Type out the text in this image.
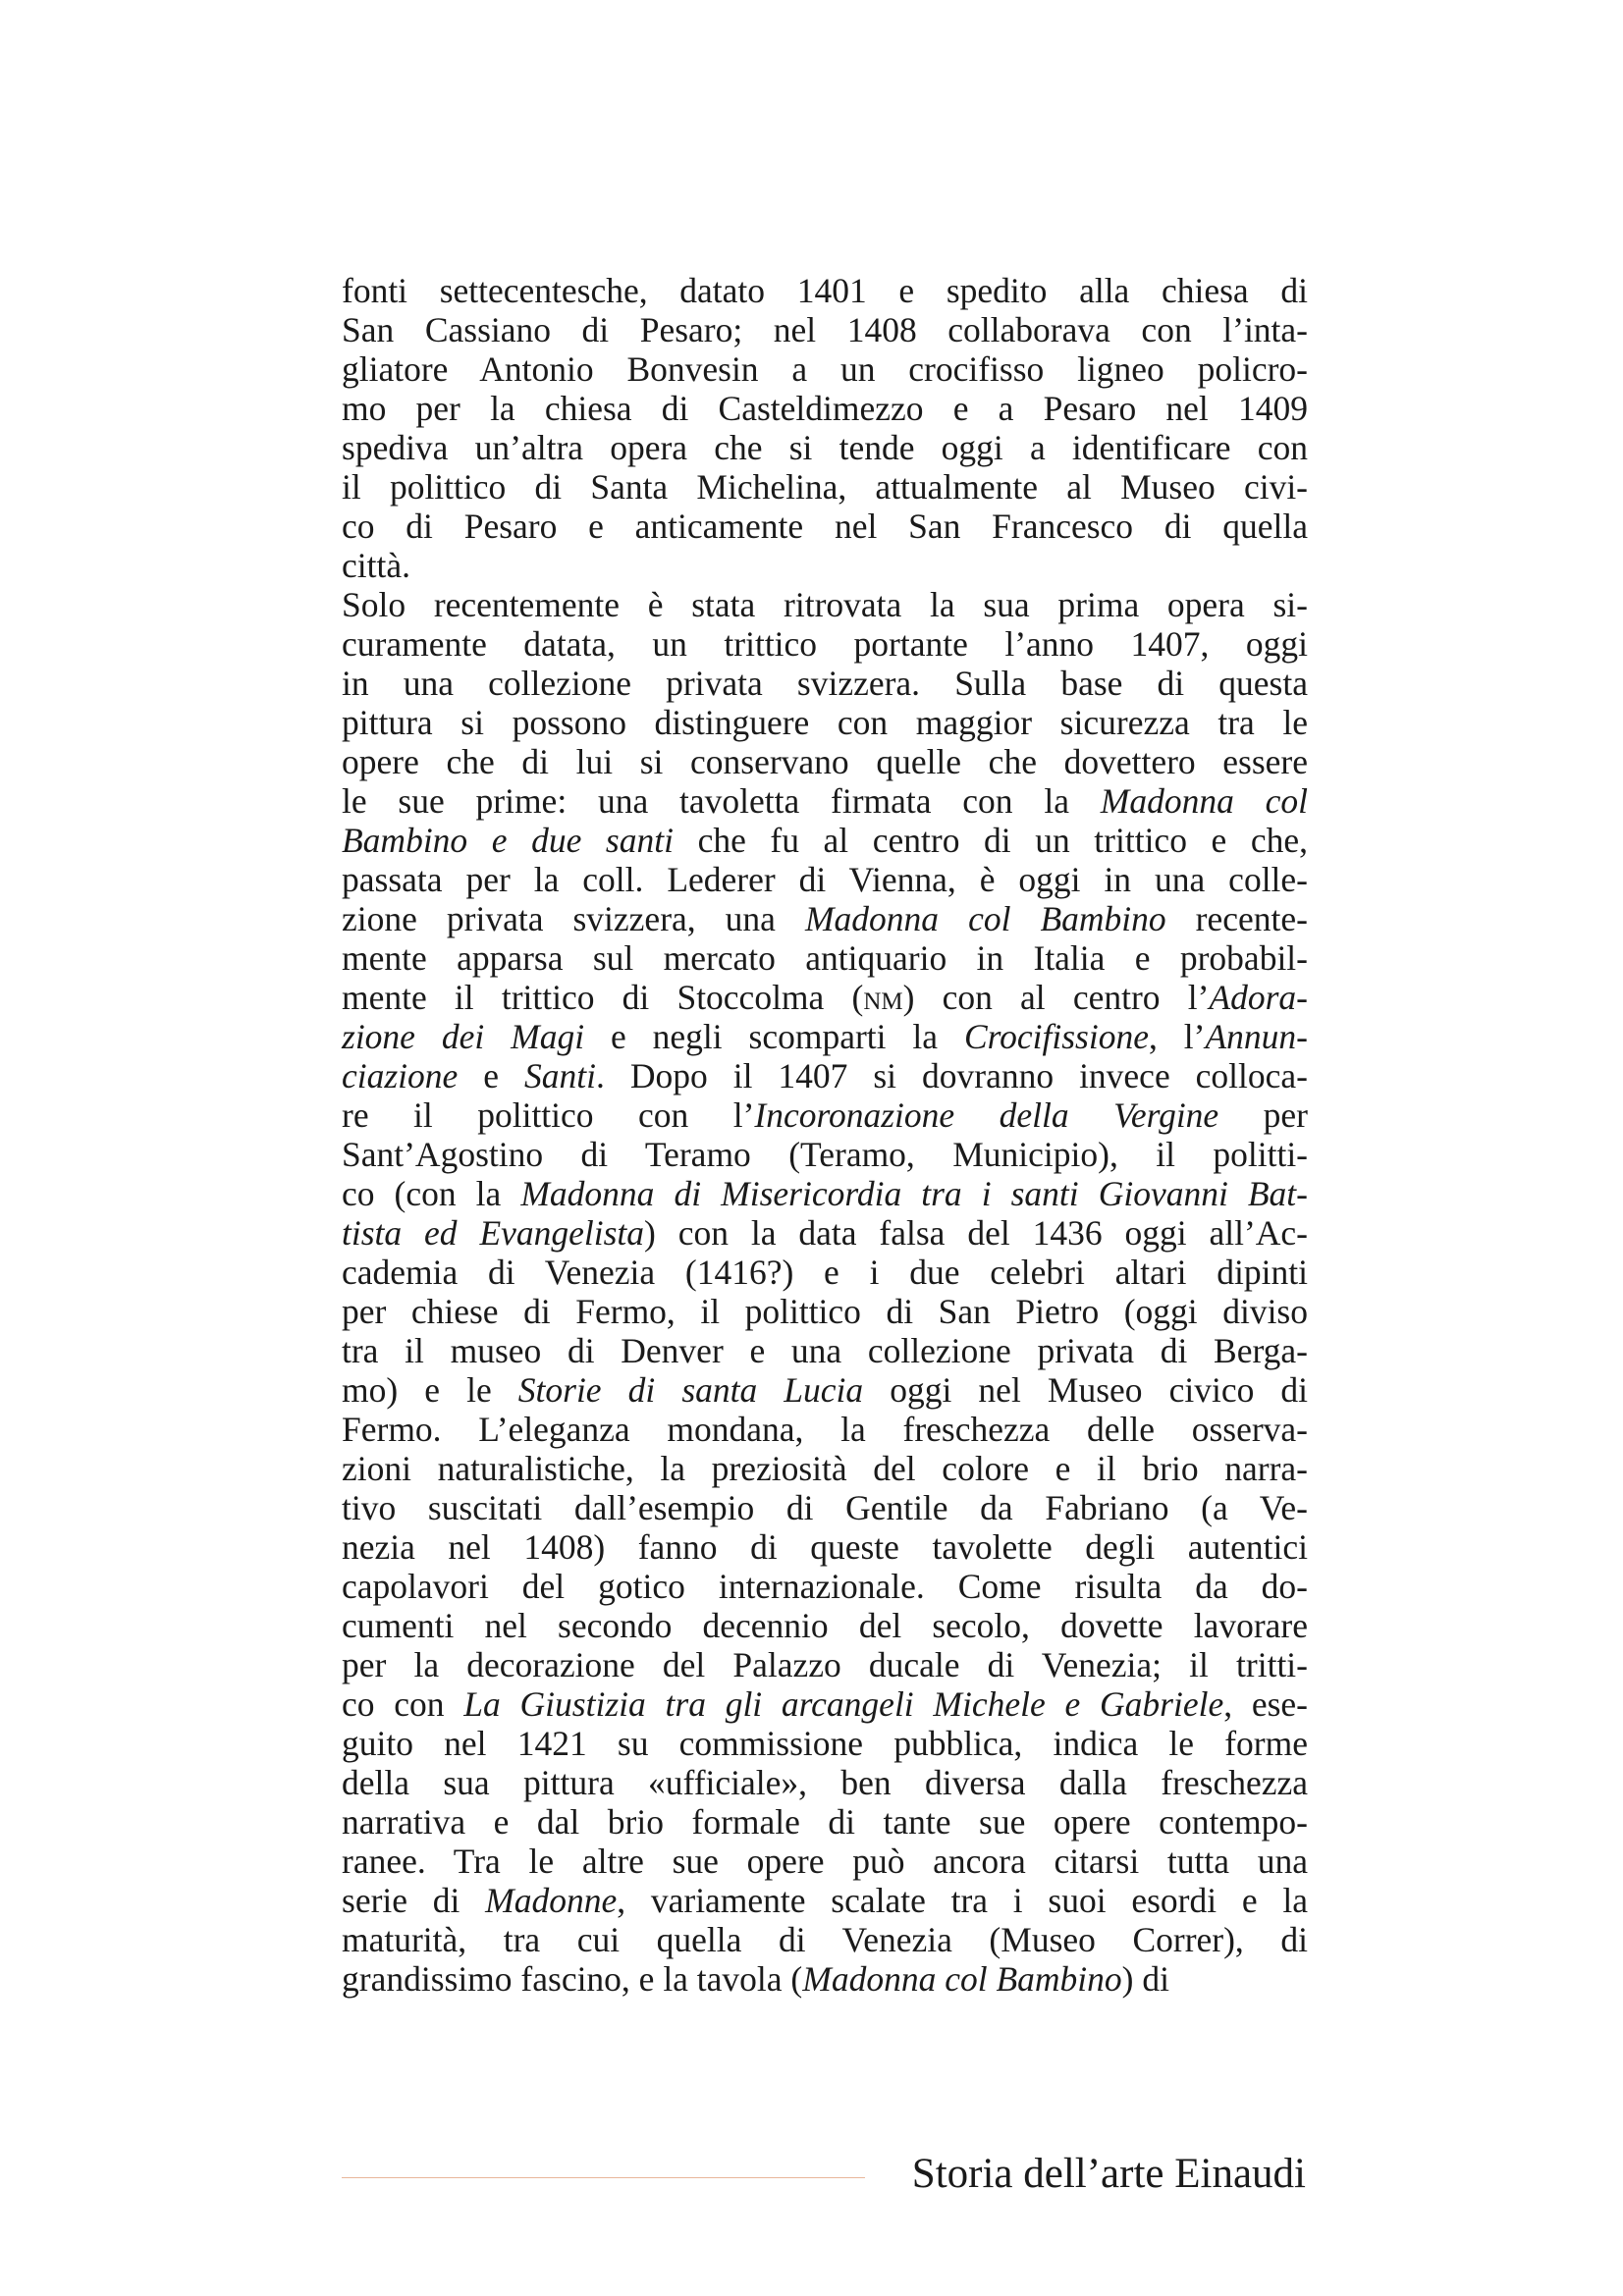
fonti settecentesche, datato 1401 e spedito alla chiesa di
San Cassiano di Pesaro; nel 1408 collaborava con l’inta-
gliatore Antonio Bonvesin a un crocifisso ligneo policro-
mo per la chiesa di Casteldimezzo e a Pesaro nel 1409
spediva un’altra opera che si tende oggi a identificare con
il polittico di Santa Michelina, attualmente al Museo civi-
co di Pesaro e anticamente nel San Francesco di quella
città.
Solo recentemente è stata ritrovata la sua prima opera si-
curamente datata, un trittico portante l’anno 1407, oggi
in una collezione privata svizzera. Sulla base di questa
pittura si possono distinguere con maggior sicurezza tra le
opere che di lui si conservano quelle che dovettero essere
le sue prime: una tavoletta firmata con la Madonna col
Bambino e due santi che fu al centro di un trittico e che,
passata per la coll. Lederer di Vienna, è oggi in una colle-
zione privata svizzera, una Madonna col Bambino recente-
mente apparsa sul mercato antiquario in Italia e probabil-
mente il trittico di Stoccolma (nm) con al centro l’Adora-
zione dei Magi e negli scomparti la Crocifissione, l’Annun-
ciazione e Santi. Dopo il 1407 si dovranno invece colloca-
re il polittico con l’Incoronazione della Vergine per
Sant’Agostino di Teramo (Teramo, Municipio), il politti-
co (con la Madonna di Misericordia tra i santi Giovanni Bat-
tista ed Evangelista) con la data falsa del 1436 oggi all’Ac-
cademia di Venezia (1416?) e i due celebri altari dipinti
per chiese di Fermo, il polittico di San Pietro (oggi diviso
tra il museo di Denver e una collezione privata di Berga-
mo) e le Storie di santa Lucia oggi nel Museo civico di
Fermo. L’eleganza mondana, la freschezza delle osserva-
zioni naturalistiche, la preziosità del colore e il brio narra-
tivo suscitati dall’esempio di Gentile da Fabriano (a Ve-
nezia nel 1408) fanno di queste tavolette degli autentici
capolavori del gotico internazionale. Come risulta da do-
cumenti nel secondo decennio del secolo, dovette lavorare
per la decorazione del Palazzo ducale di Venezia; il tritti-
co con La Giustizia tra gli arcangeli Michele e Gabriele, ese-
guito nel 1421 su commissione pubblica, indica le forme
della sua pittura «ufficiale», ben diversa dalla freschezza
narrativa e dal brio formale di tante sue opere contempo-
ranee. Tra le altre sue opere può ancora citarsi tutta una
serie di Madonne, variamente scalate tra i suoi esordi e la
maturità, tra cui quella di Venezia (Museo Correr), di
grandissimo fascino, e la tavola (Madonna col Bambino) di
Storia dell’arte Einaudi
